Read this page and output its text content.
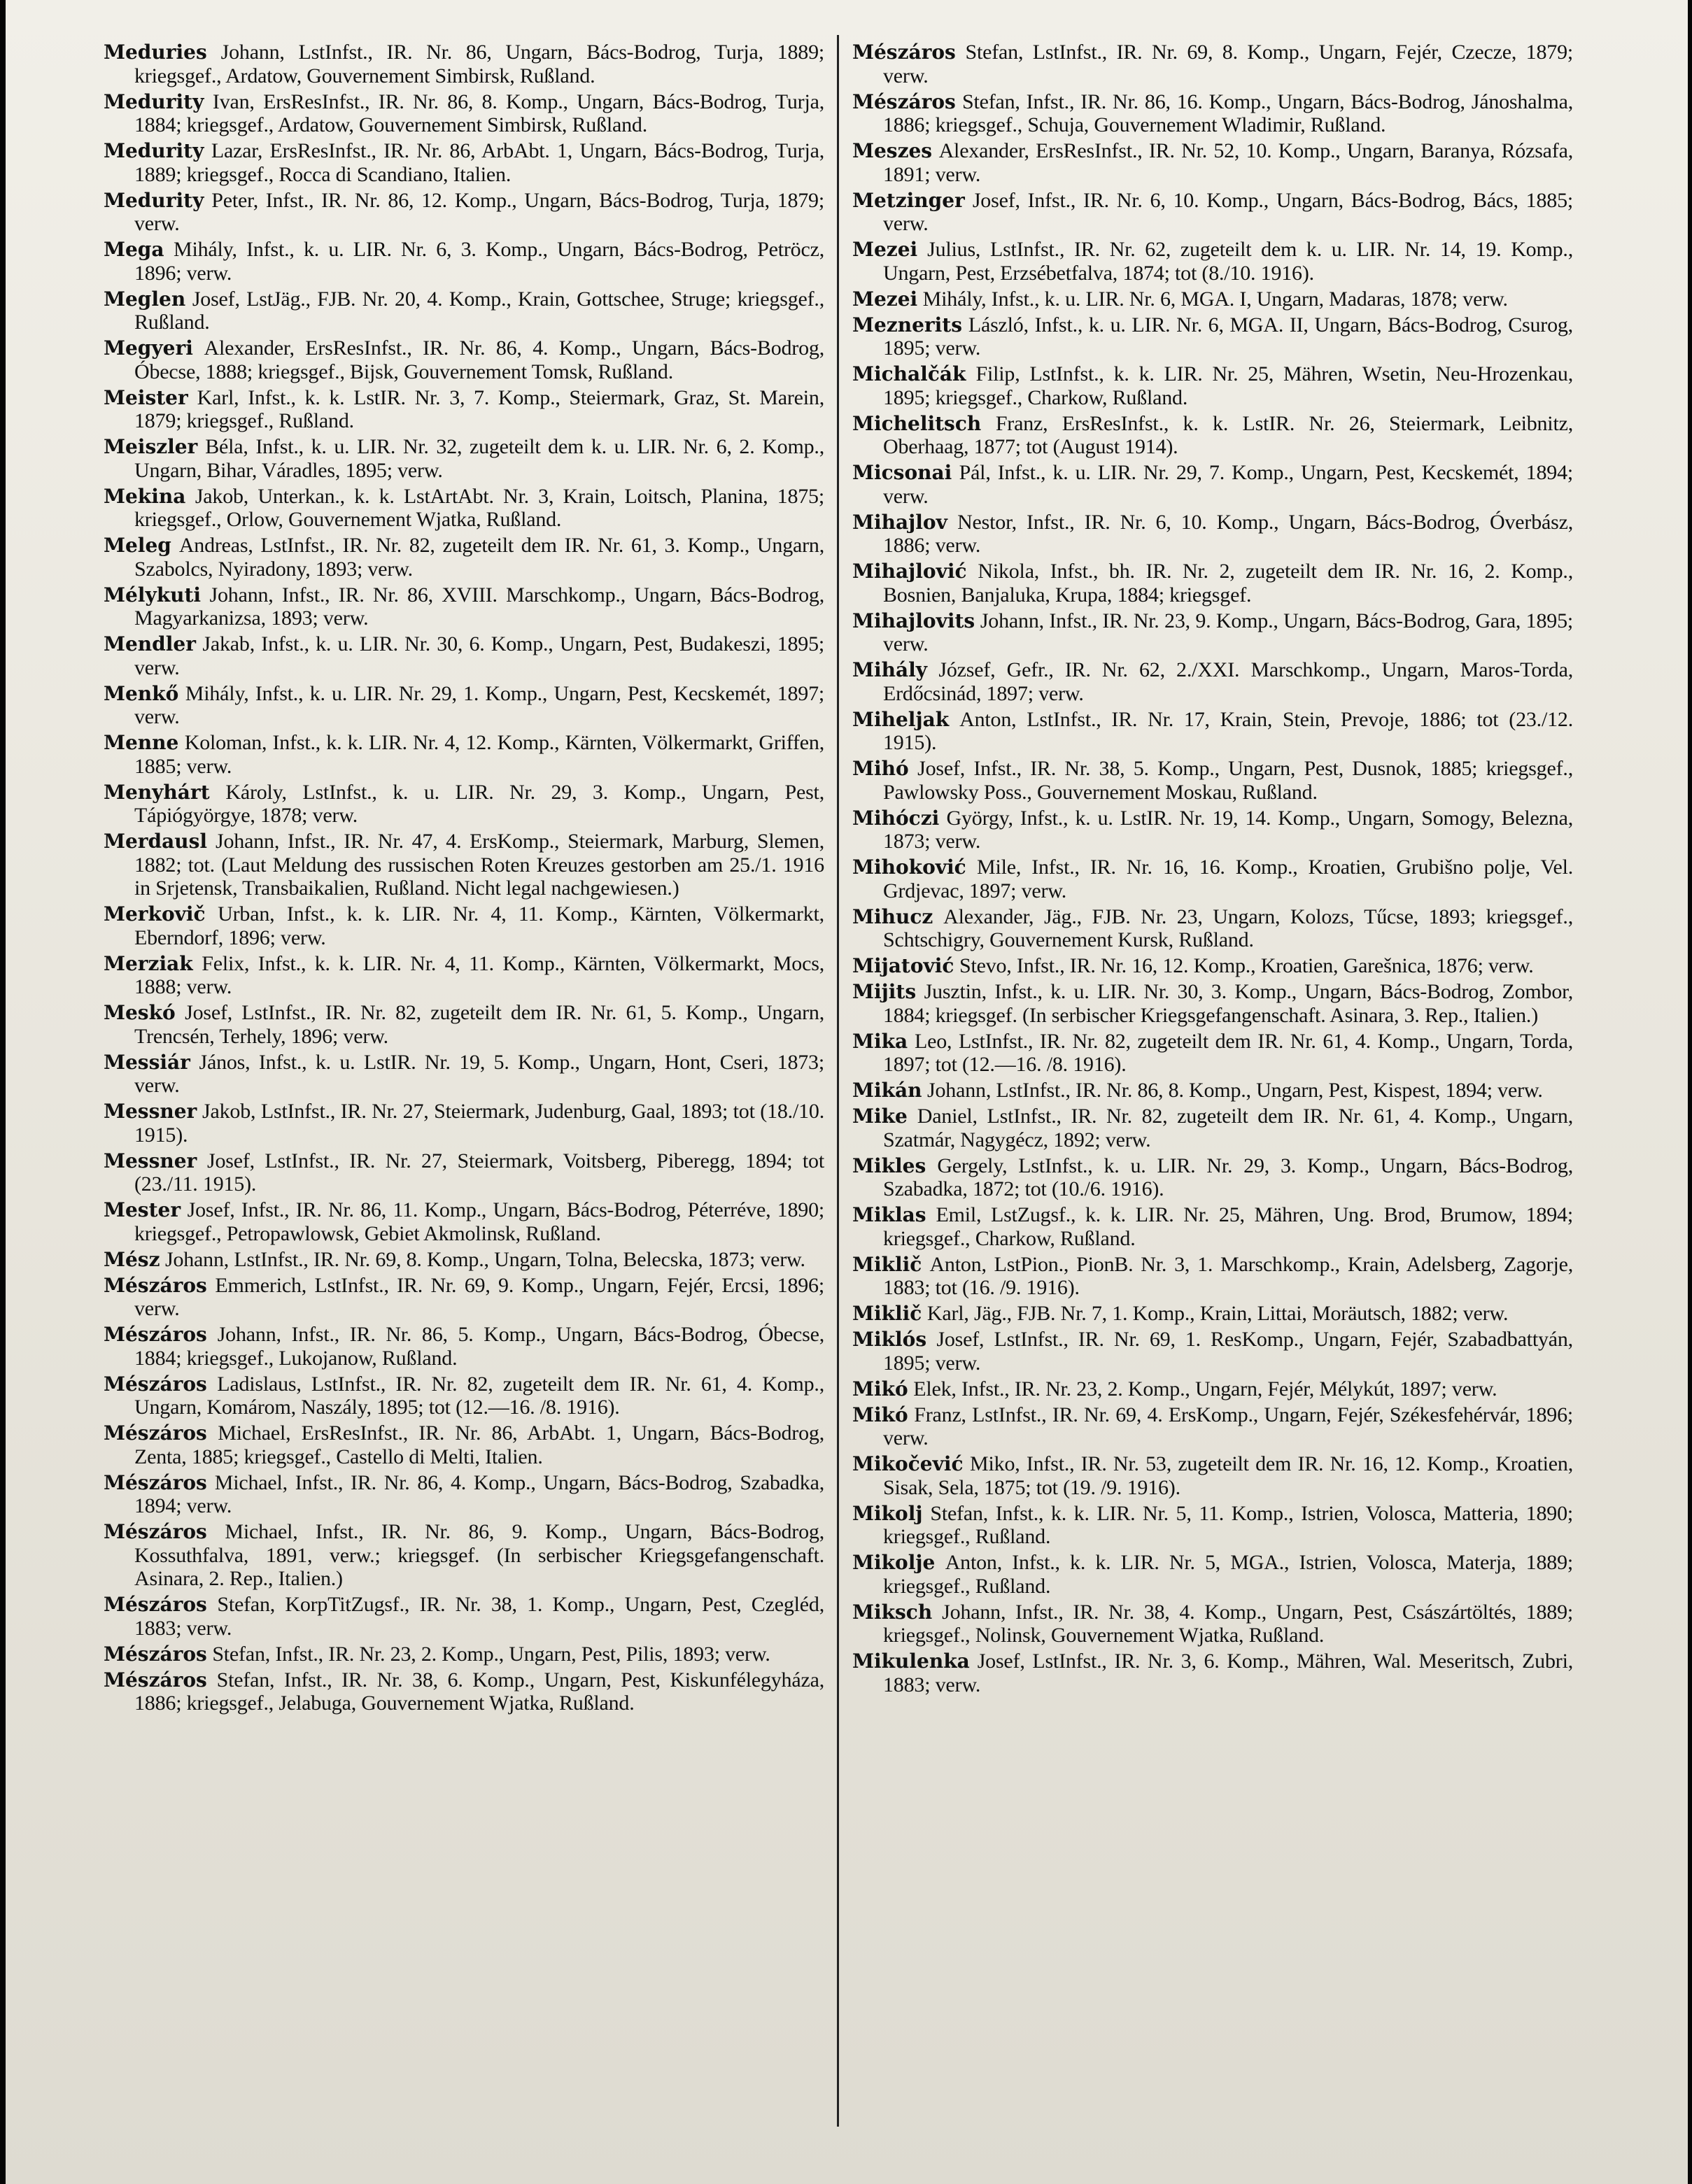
Meduries Johann, LstInfst., IR. Nr. 86, Ungarn, Bács-Bodrog, Turja, 1889; kriegsgef., Ardatow, Gouvernement Simbirsk, Rußland.

Medurity Ivan, ErsResInfst., IR. Nr. 86, 8. Komp., Ungarn, Bács-Bodrog, Turja, 1884; kriegsgef., Ardatow, Gouvernement Simbirsk, Rußland.

Medurity Lazar, ErsResInfst., IR. Nr. 86, ArbAbt. 1, Ungarn, Bács-Bodrog, Turja, 1889; kriegsgef., Rocca di Scandiano, Italien.

Medurity Peter, Infst., IR. Nr. 86, 12. Komp., Ungarn, Bács-Bodrog, Turja, 1879; verw.

Mega Mihály, Infst., k. u. LIR. Nr. 6, 3. Komp., Ungarn, Bács-Bodrog, Petröcz, 1896; verw.

Meglen Josef, LstJäg., FJB. Nr. 20, 4. Komp., Krain, Gottschee, Struge; kriegsgef., Rußland.

Megyeri Alexander, ErsResInfst., IR. Nr. 86, 4. Komp., Ungarn, Bács-Bodrog, Óbecse, 1888; kriegsgef., Bijsk, Gouvernement Tomsk, Rußland.

Meister Karl, Infst., k. k. LstIR. Nr. 3, 7. Komp., Steiermark, Graz, St. Marein, 1879; kriegsgef., Rußland.

Meiszler Béla, Infst., k. u. LIR. Nr. 32, zugeteilt dem k. u. LIR. Nr. 6, 2. Komp., Ungarn, Bihar, Váradles, 1895; verw.

Mekina Jakob, Unterkan., k. k. LstArtAbt. Nr. 3, Krain, Loitsch, Planina, 1875; kriegsgef., Orlow, Gouvernement Wjatka, Rußland.

Meleg Andreas, LstInfst., IR. Nr. 82, zugeteilt dem IR. Nr. 61, 3. Komp., Ungarn, Szabolcs, Nyiradony, 1893; verw.

Mélykuti Johann, Infst., IR. Nr. 86, XVIII. Marschkomp., Ungarn, Bács-Bodrog, Magyarkanizsa, 1893; verw.

Mendler Jakab, Infst., k. u. LIR. Nr. 30, 6. Komp., Ungarn, Pest, Budakeszi, 1895; verw.

Menkő Mihály, Infst., k. u. LIR. Nr. 29, 1. Komp., Ungarn, Pest, Kecskemét, 1897; verw.

Menne Koloman, Infst., k. k. LIR. Nr. 4, 12. Komp., Kärnten, Völkermarkt, Griffen, 1885; verw.

Menyhárt Károly, LstInfst., k. u. LIR. Nr. 29, 3. Komp., Ungarn, Pest, Tápiógyörgye, 1878; verw.

Merdausl Johann, Infst., IR. Nr. 47, 4. ErsKomp., Steiermark, Marburg, Slemen, 1882; tot. (Laut Meldung des russischen Roten Kreuzes gestorben am 25./1. 1916 in Srjetensk, Transbaikalien, Rußland. Nicht legal nachgewiesen.)

Merkovič Urban, Infst., k. k. LIR. Nr. 4, 11. Komp., Kärnten, Völkermarkt, Eberndorf, 1896; verw.

Merziak Felix, Infst., k. k. LIR. Nr. 4, 11. Komp., Kärnten, Völkermarkt, Mocs, 1888; verw.

Meskó Josef, LstInfst., IR. Nr. 82, zugeteilt dem IR. Nr. 61, 5. Komp., Ungarn, Trencsén, Terhely, 1896; verw.

Messiár János, Infst., k. u. LstIR. Nr. 19, 5. Komp., Ungarn, Hont, Cseri, 1873; verw.

Messner Jakob, LstInfst., IR. Nr. 27, Steiermark, Judenburg, Gaal, 1893; tot (18./10. 1915).

Messner Josef, LstInfst., IR. Nr. 27, Steiermark, Voitsberg, Piberegg, 1894; tot (23./11. 1915).

Mester Josef, Infst., IR. Nr. 86, 11. Komp., Ungarn, Bács-Bodrog, Péterréve, 1890; kriegsgef., Petropawlowsk, Gebiet Akmolinsk, Rußland.

Mész Johann, LstInfst., IR. Nr. 69, 8. Komp., Ungarn, Tolna, Belecska, 1873; verw.

Mészáros Emmerich, LstInfst., IR. Nr. 69, 9. Komp., Ungarn, Fejér, Ercsi, 1896; verw.

Mészáros Johann, Infst., IR. Nr. 86, 5. Komp., Ungarn, Bács-Bodrog, Óbecse, 1884; kriegsgef., Lukojanow, Rußland.

Mészáros Ladislaus, LstInfst., IR. Nr. 82, zugeteilt dem IR. Nr. 61, 4. Komp., Ungarn, Komárom, Naszály, 1895; tot (12.—16. /8. 1916).

Mészáros Michael, ErsResInfst., IR. Nr. 86, ArbAbt. 1, Ungarn, Bács-Bodrog, Zenta, 1885; kriegsgef., Castello di Melti, Italien.

Mészáros Michael, Infst., IR. Nr. 86, 4. Komp., Ungarn, Bács-Bodrog, Szabadka, 1894; verw.

Mészáros Michael, Infst., IR. Nr. 86, 9. Komp., Ungarn, Bács-Bodrog, Kossuthfalva, 1891, verw.; kriegsgef. (In serbischer Kriegsgefangenschaft. Asinara, 2. Rep., Italien.)

Mészáros Stefan, KorpTitZugsf., IR. Nr. 38, 1. Komp., Ungarn, Pest, Czegléd, 1883; verw.

Mészáros Stefan, Infst., IR. Nr. 23, 2. Komp., Ungarn, Pest, Pilis, 1893; verw.

Mészáros Stefan, Infst., IR. Nr. 38, 6. Komp., Ungarn, Pest, Kiskunfélegyháza, 1886; kriegsgef., Jelabuga, Gouvernement Wjatka, Rußland.

Mészáros Stefan, LstInfst., IR. Nr. 69, 8. Komp., Ungarn, Fejér, Czecze, 1879; verw.

Mészáros Stefan, Infst., IR. Nr. 86, 16. Komp., Ungarn, Bács-Bodrog, Jánoshalma, 1886; kriegsgef., Schuja, Gouvernement Wladimir, Rußland.

Meszes Alexander, ErsResInfst., IR. Nr. 52, 10. Komp., Ungarn, Baranya, Rózsafa, 1891; verw.

Metzinger Josef, Infst., IR. Nr. 6, 10. Komp., Ungarn, Bács-Bodrog, Bács, 1885; verw.

Mezei Julius, LstInfst., IR. Nr. 62, zugeteilt dem k. u. LIR. Nr. 14, 19. Komp., Ungarn, Pest, Erzsébetfalva, 1874; tot (8./10. 1916).

Mezei Mihály, Infst., k. u. LIR. Nr. 6, MGA. I, Ungarn, Madaras, 1878; verw.

Meznerits László, Infst., k. u. LIR. Nr. 6, MGA. II, Ungarn, Bács-Bodrog, Csurog, 1895; verw.

Michalčák Filip, LstInfst., k. k. LIR. Nr. 25, Mähren, Wsetin, Neu-Hrozenkau, 1895; kriegsgef., Charkow, Rußland.

Michelitsch Franz, ErsResInfst., k. k. LstIR. Nr. 26, Steiermark, Leibnitz, Oberhaag, 1877; tot (August 1914).

Micsonai Pál, Infst., k. u. LIR. Nr. 29, 7. Komp., Ungarn, Pest, Kecskemét, 1894; verw.

Mihajlov Nestor, Infst., IR. Nr. 6, 10. Komp., Ungarn, Bács-Bodrog, Óverbász, 1886; verw.

Mihajlović Nikola, Infst., bh. IR. Nr. 2, zugeteilt dem IR. Nr. 16, 2. Komp., Bosnien, Banjaluka, Krupa, 1884; kriegsgef.

Mihajlovits Johann, Infst., IR. Nr. 23, 9. Komp., Ungarn, Bács-Bodrog, Gara, 1895; verw.

Mihály József, Gefr., IR. Nr. 62, 2./XXI. Marschkomp., Ungarn, Maros-Torda, Erdőcsinád, 1897; verw.

Miheljak Anton, LstInfst., IR. Nr. 17, Krain, Stein, Prevoje, 1886; tot (23./12. 1915).

Mihó Josef, Infst., IR. Nr. 38, 5. Komp., Ungarn, Pest, Dusnok, 1885; kriegsgef., Pawlowsky Poss., Gouvernement Moskau, Rußland.

Mihóczi György, Infst., k. u. LstIR. Nr. 19, 14. Komp., Ungarn, Somogy, Belezna, 1873; verw.

Mihoković Mile, Infst., IR. Nr. 16, 16. Komp., Kroatien, Grubišno polje, Vel. Grdjevac, 1897; verw.

Mihucz Alexander, Jäg., FJB. Nr. 23, Ungarn, Kolozs, Tűcse, 1893; kriegsgef., Schtschigry, Gouvernement Kursk, Rußland.

Mijatović Stevo, Infst., IR. Nr. 16, 12. Komp., Kroatien, Garešnica, 1876; verw.

Mijits Jusztin, Infst., k. u. LIR. Nr. 30, 3. Komp., Ungarn, Bács-Bodrog, Zombor, 1884; kriegsgef. (In serbischer Kriegsgefangenschaft. Asinara, 3. Rep., Italien.)

Mika Leo, LstInfst., IR. Nr. 82, zugeteilt dem IR. Nr. 61, 4. Komp., Ungarn, Torda, 1897; tot (12.—16. /8. 1916).

Mikán Johann, LstInfst., IR. Nr. 86, 8. Komp., Ungarn, Pest, Kispest, 1894; verw.

Mike Daniel, LstInfst., IR. Nr. 82, zugeteilt dem IR. Nr. 61, 4. Komp., Ungarn, Szatmár, Nagygécz, 1892; verw.

Mikles Gergely, LstInfst., k. u. LIR. Nr. 29, 3. Komp., Ungarn, Bács-Bodrog, Szabadka, 1872; tot (10./6. 1916).

Miklas Emil, LstZugsf., k. k. LIR. Nr. 25, Mähren, Ung. Brod, Brumow, 1894; kriegsgef., Charkow, Rußland.

Miklič Anton, LstPion., PionB. Nr. 3, 1. Marschkomp., Krain, Adelsberg, Zagorje, 1883; tot (16. /9. 1916).

Miklič Karl, Jäg., FJB. Nr. 7, 1. Komp., Krain, Littai, Moräutsch, 1882; verw.

Miklós Josef, LstInfst., IR. Nr. 69, 1. ResKomp., Ungarn, Fejér, Szabadbattyán, 1895; verw.

Mikó Elek, Infst., IR. Nr. 23, 2. Komp., Ungarn, Fejér, Mélykút, 1897; verw.

Mikó Franz, LstInfst., IR. Nr. 69, 4. ErsKomp., Ungarn, Fejér, Székesfehérvár, 1896; verw.

Mikočević Miko, Infst., IR. Nr. 53, zugeteilt dem IR. Nr. 16, 12. Komp., Kroatien, Sisak, Sela, 1875; tot (19. /9. 1916).

Mikolj Stefan, Infst., k. k. LIR. Nr. 5, 11. Komp., Istrien, Volosca, Matteria, 1890; kriegsgef., Rußland.

Mikolje Anton, Infst., k. k. LIR. Nr. 5, MGA., Istrien, Volosca, Materja, 1889; kriegsgef., Rußland.

Miksch Johann, Infst., IR. Nr. 38, 4. Komp., Ungarn, Pest, Császártöltés, 1889; kriegsgef., Nolinsk, Gouvernement Wjatka, Rußland.

Mikulenka Josef, LstInfst., IR. Nr. 3, 6. Komp., Mähren, Wal. Meseritsch, Zubri, 1883; verw.
